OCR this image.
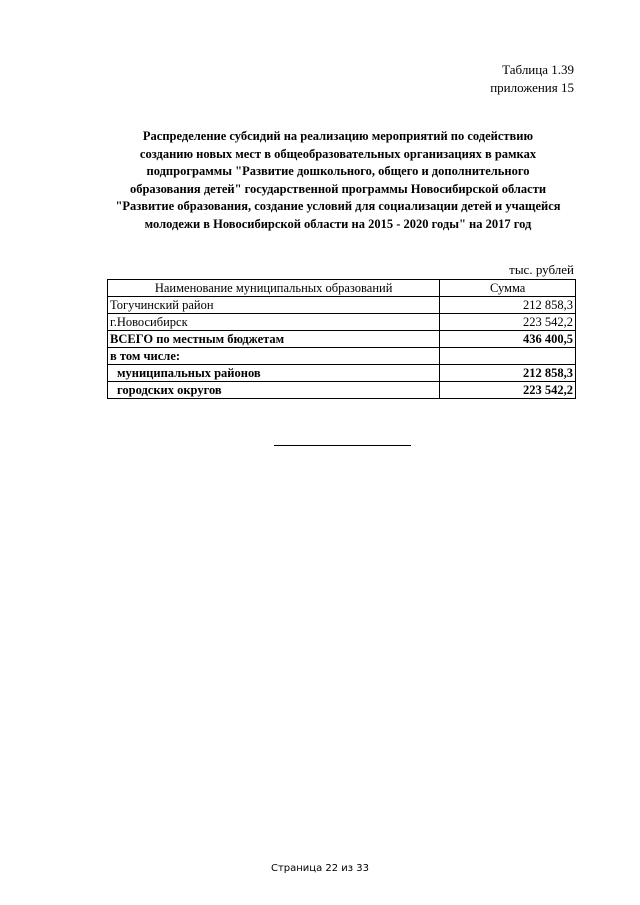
Таблица 1.39
приложения 15
Распределение субсидий на реализацию мероприятий по содействию
созданию новых мест в общеобразовательных организациях в рамках
подпрограммы "Развитие дошкольного, общего и дополнительного
образования детей" государственной программы Новосибирской области
"Развитие образования, создание условий для социализации детей и учащейся
молодежи в Новосибирской области на 2015 - 2020 годы" на 2017 год
тыс. рублей
Наименование муниципальных образований	Сумма
Тогучинский район	212 858,3
г.Новосибирск	223 542,2
ВСЕГО по местным бюджетам	436 400,5
в том числе:	
муниципальных районов	212 858,3
городских округов	223 542,2
Страница 22 из 33
